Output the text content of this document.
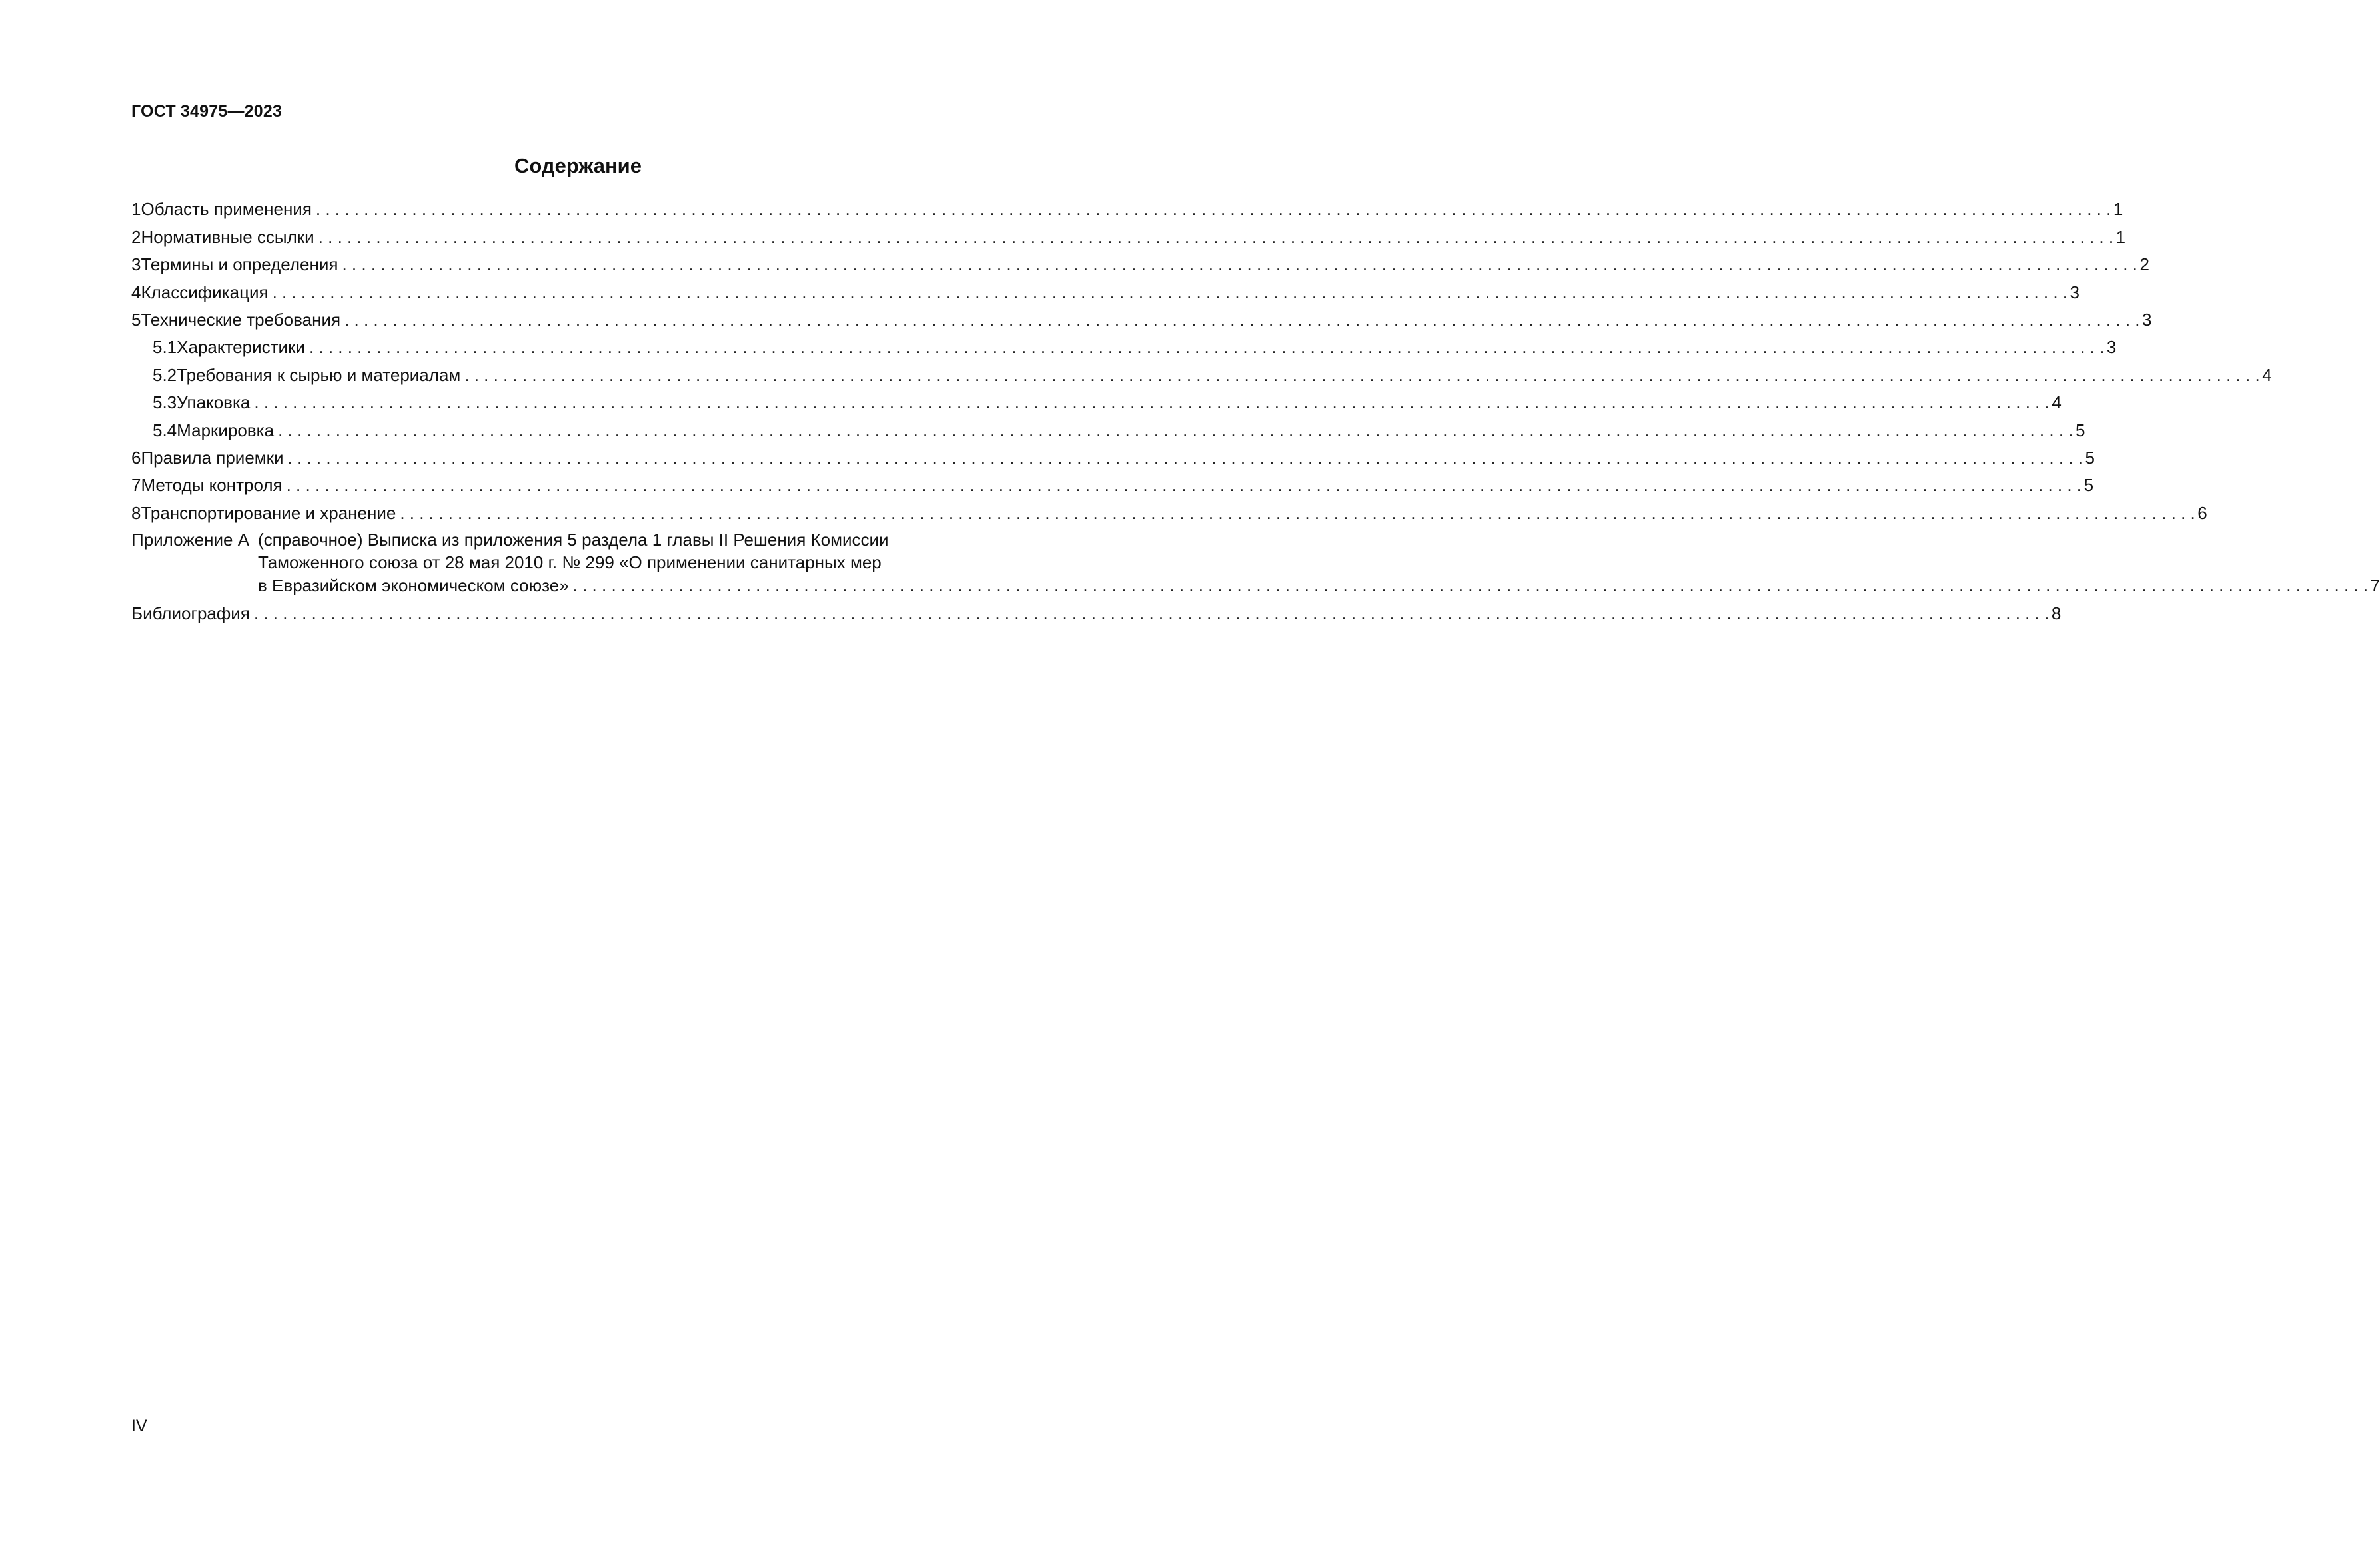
ГОСТ 34975—2023
Содержание
1 Область применения . . .	1
2 Нормативные ссылки . . .	1
3 Термины и определения . . .	2
4 Классификация . . .	3
5 Технические требования . . .	3
5.1 Характеристики . . .	3
5.2 Требования к сырью и материалам . . .	4
5.3 Упаковка . . .	4
5.4 Маркировка . . .	5
6 Правила приемки . . .	5
7 Методы контроля . . .	5
8 Транспортирование и хранение . . .	6
Приложение А (справочное) Выписка из приложения 5 раздела 1 главы II Решения Комиссии
Таможенного союза от 28 мая 2010 г. № 299 «О применении санитарных мер
в Евразийском экономическом союзе» . . .	7
Библиография . . .	8
IV
